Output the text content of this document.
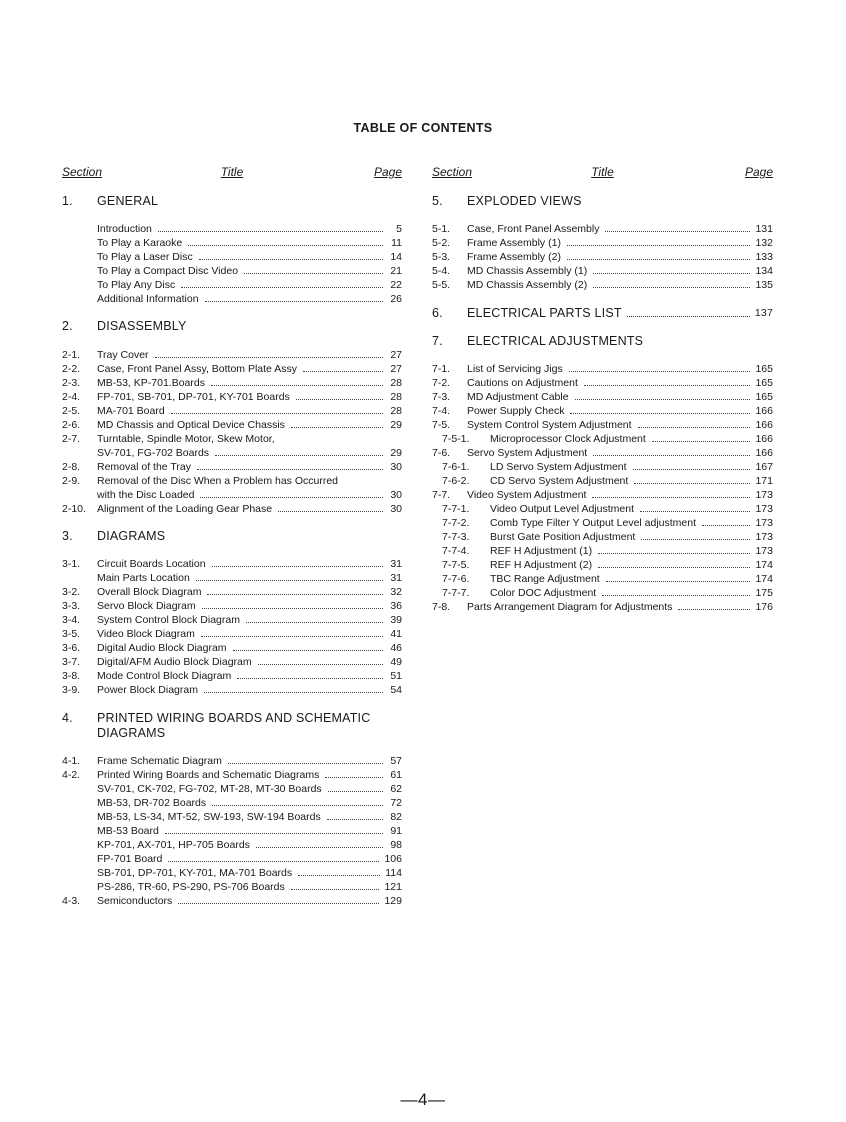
TABLE OF CONTENTS
Section	Title	Page
1.	GENERAL
Introduction	5
To Play a Karaoke	11
To Play a Laser Disc	14
To Play a Compact Disc Video	21
To Play Any Disc	22
Additional Information	26
2.	DISASSEMBLY
2-1.	Tray Cover	27
2-2.	Case, Front Panel Assy, Bottom Plate Assy	27
2-3.	MB-53, KP-701.Boards	28
2-4.	FP-701, SB-701, DP-701, KY-701 Boards	28
2-5.	MA-701 Board	28
2-6.	MD Chassis and Optical Device Chassis	29
2-7.	Turntable, Spindle Motor, Skew Motor,
SV-701, FG-702 Boards	29
2-8.	Removal of the Tray	30
2-9.	Removal of the Disc When a Problem has Occurred
with the Disc Loaded	30
2-10.	Alignment of the Loading Gear Phase	30
3.	DIAGRAMS
3-1.	Circuit Boards Location	31
Main Parts Location	31
3-2.	Overall Block Diagram	32
3-3.	Servo Block Diagram	36
3-4.	System Control Block Diagram	39
3-5.	Video Block Diagram	41
3-6.	Digital Audio Block Diagram	46
3-7.	Digital/AFM Audio Block Diagram	49
3-8.	Mode Control Block Diagram	51
3-9.	Power Block Diagram	54
4.	PRINTED WIRING BOARDS AND SCHEMATIC
DIAGRAMS
4-1.	Frame Schematic Diagram	57
4-2.	Printed Wiring Boards and Schematic Diagrams	61
SV-701, CK-702, FG-702, MT-28, MT-30 Boards	62
MB-53, DR-702 Boards	72
MB-53, LS-34, MT-52, SW-193, SW-194 Boards	82
MB-53 Board	91
KP-701, AX-701, HP-705 Boards	98
FP-701 Board	106
SB-701, DP-701, KY-701, MA-701 Boards	114
PS-286, TR-60, PS-290, PS-706 Boards	121
4-3.	Semiconductors	129
Section	Title	Page
5.	EXPLODED VIEWS
5-1.	Case, Front Panel Assembly	131
5-2.	Frame Assembly (1)	132
5-3.	Frame Assembly (2)	133
5-4.	MD Chassis Assembly (1)	134
5-5.	MD Chassis Assembly (2)	135
6.	ELECTRICAL PARTS LIST	137
7.	ELECTRICAL ADJUSTMENTS
7-1.	List of Servicing Jigs	165
7-2.	Cautions on Adjustment	165
7-3.	MD Adjustment Cable	165
7-4.	Power Supply Check	166
7-5.	System Control System Adjustment	166
7-5-1.	Microprocessor Clock Adjustment	166
7-6.	Servo System Adjustment	166
7-6-1.	LD Servo System Adjustment	167
7-6-2.	CD Servo System Adjustment	171
7-7.	Video System Adjustment	173
7-7-1.	Video Output Level Adjustment	173
7-7-2.	Comb Type Filter Y Output Level adjustment	173
7-7-3.	Burst Gate Position Adjustment	173
7-7-4.	REF H Adjustment (1)	173
7-7-5.	REF H Adjustment (2)	174
7-7-6.	TBC Range Adjustment	174
7-7-7.	Color DOC Adjustment	175
7-8.	Parts Arrangement Diagram for Adjustments	176
—4—
